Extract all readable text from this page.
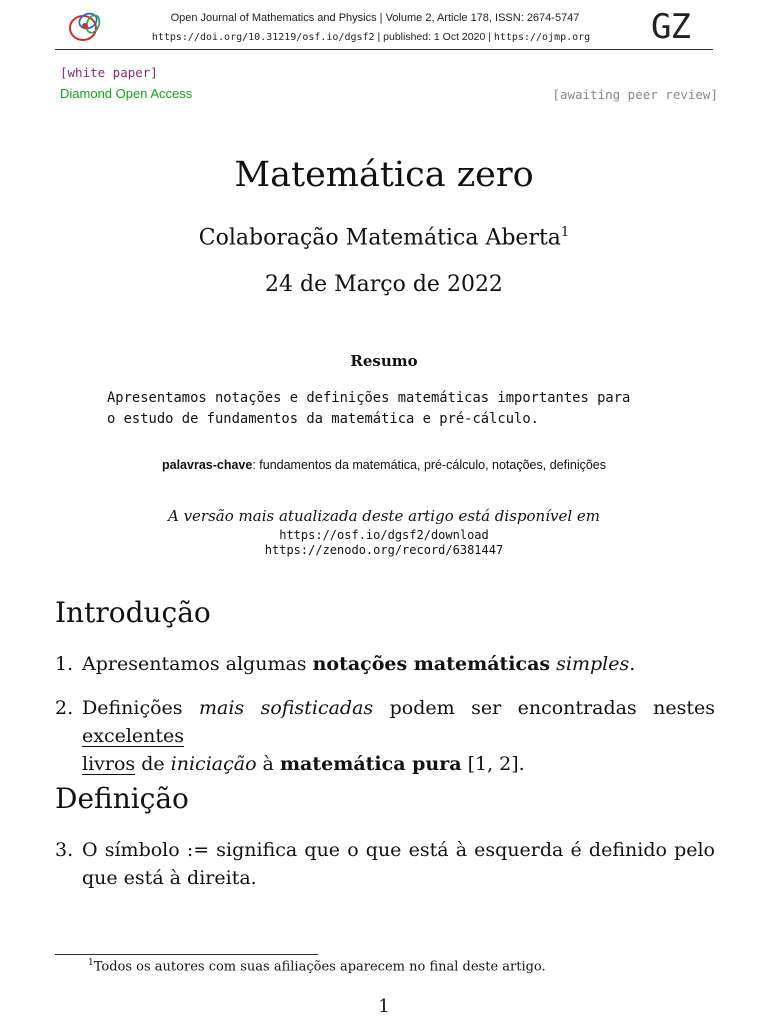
Open Journal of Mathematics and Physics | Volume 2, Article 178, ISSN: 2674-5747
https://doi.org/10.31219/osf.io/dgsf2 | published: 1 Oct 2020 | https://ojmp.org	GZ
[white paper]
Diamond Open Access	[awaiting peer review]
Matemática zero
Colaboração Matemática Aberta$^1$
24 de Março de 2022
Resumo
Apresentamos notações e definições matemáticas importantes para
o estudo de fundamentos da matemática e pré-cálculo.
palavras-chave: fundamentos da matemática, pré-cálculo, notações, definições
A versão mais atualizada deste artigo está disponível em
https://osf.io/dgsf2/download
https://zenodo.org/record/6381447
Introdução
1. Apresentamos algumas notações matemáticas simples.
2. Definições mais sofisticadas podem ser encontradas nestes excelentes
livros de iniciação à matemática pura [1, 2].
Definição
3. O símbolo := significa que o que está à esquerda é definido pelo que está à direita.
$^1$Todos os autores com suas afiliações aparecem no final deste artigo.
1
